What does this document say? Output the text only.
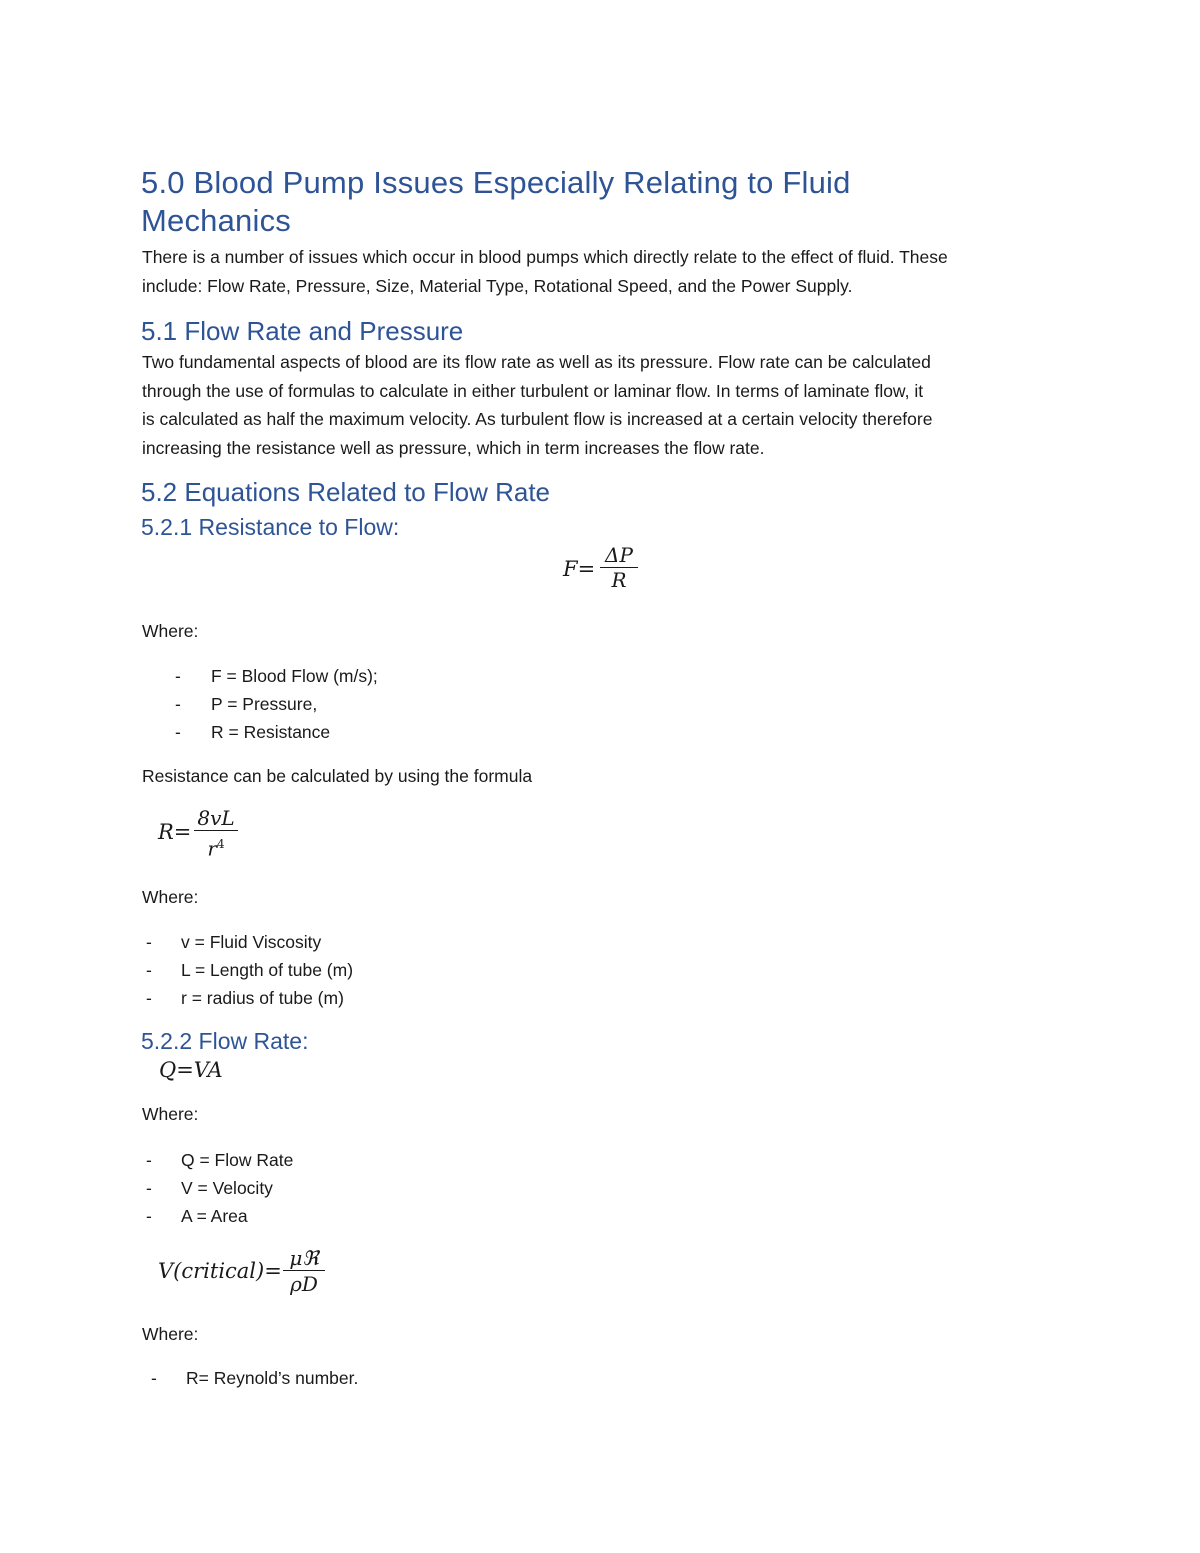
5.0 Blood Pump Issues Especially Relating to Fluid
Mechanics
There is a number of issues which occur in blood pumps which directly relate to the effect of fluid. These
include: Flow Rate, Pressure, Size, Material Type, Rotational Speed, and the Power Supply.
5.1 Flow Rate and Pressure
Two fundamental aspects of blood are its flow rate as well as its pressure. Flow rate can be calculated
through the use of formulas to calculate in either turbulent or laminar flow. In terms of laminate flow, it
is calculated as half the maximum velocity. As turbulent flow is increased at a certain velocity therefore
increasing the resistance well as pressure, which in term increases the flow rate.
5.2 Equations Related to Flow Rate
5.2.1 Resistance to Flow:
F=
ΔP
R
Where:
- F = Blood Flow (m/s);
- P = Pressure,
- R = Resistance
Resistance can be calculated by using the formula
R=
8vL
$r^4$
Where:
- v = Fluid Viscosity
- L = Length of tube (m)
- r = radius of tube (m)
5.2.2 Flow Rate:
Q=VA
Where:
- Q = Flow Rate
- V = Velocity
- A = Area
V(critical)=
μℜ
ρD
Where:
- R= Reynold’s number.
